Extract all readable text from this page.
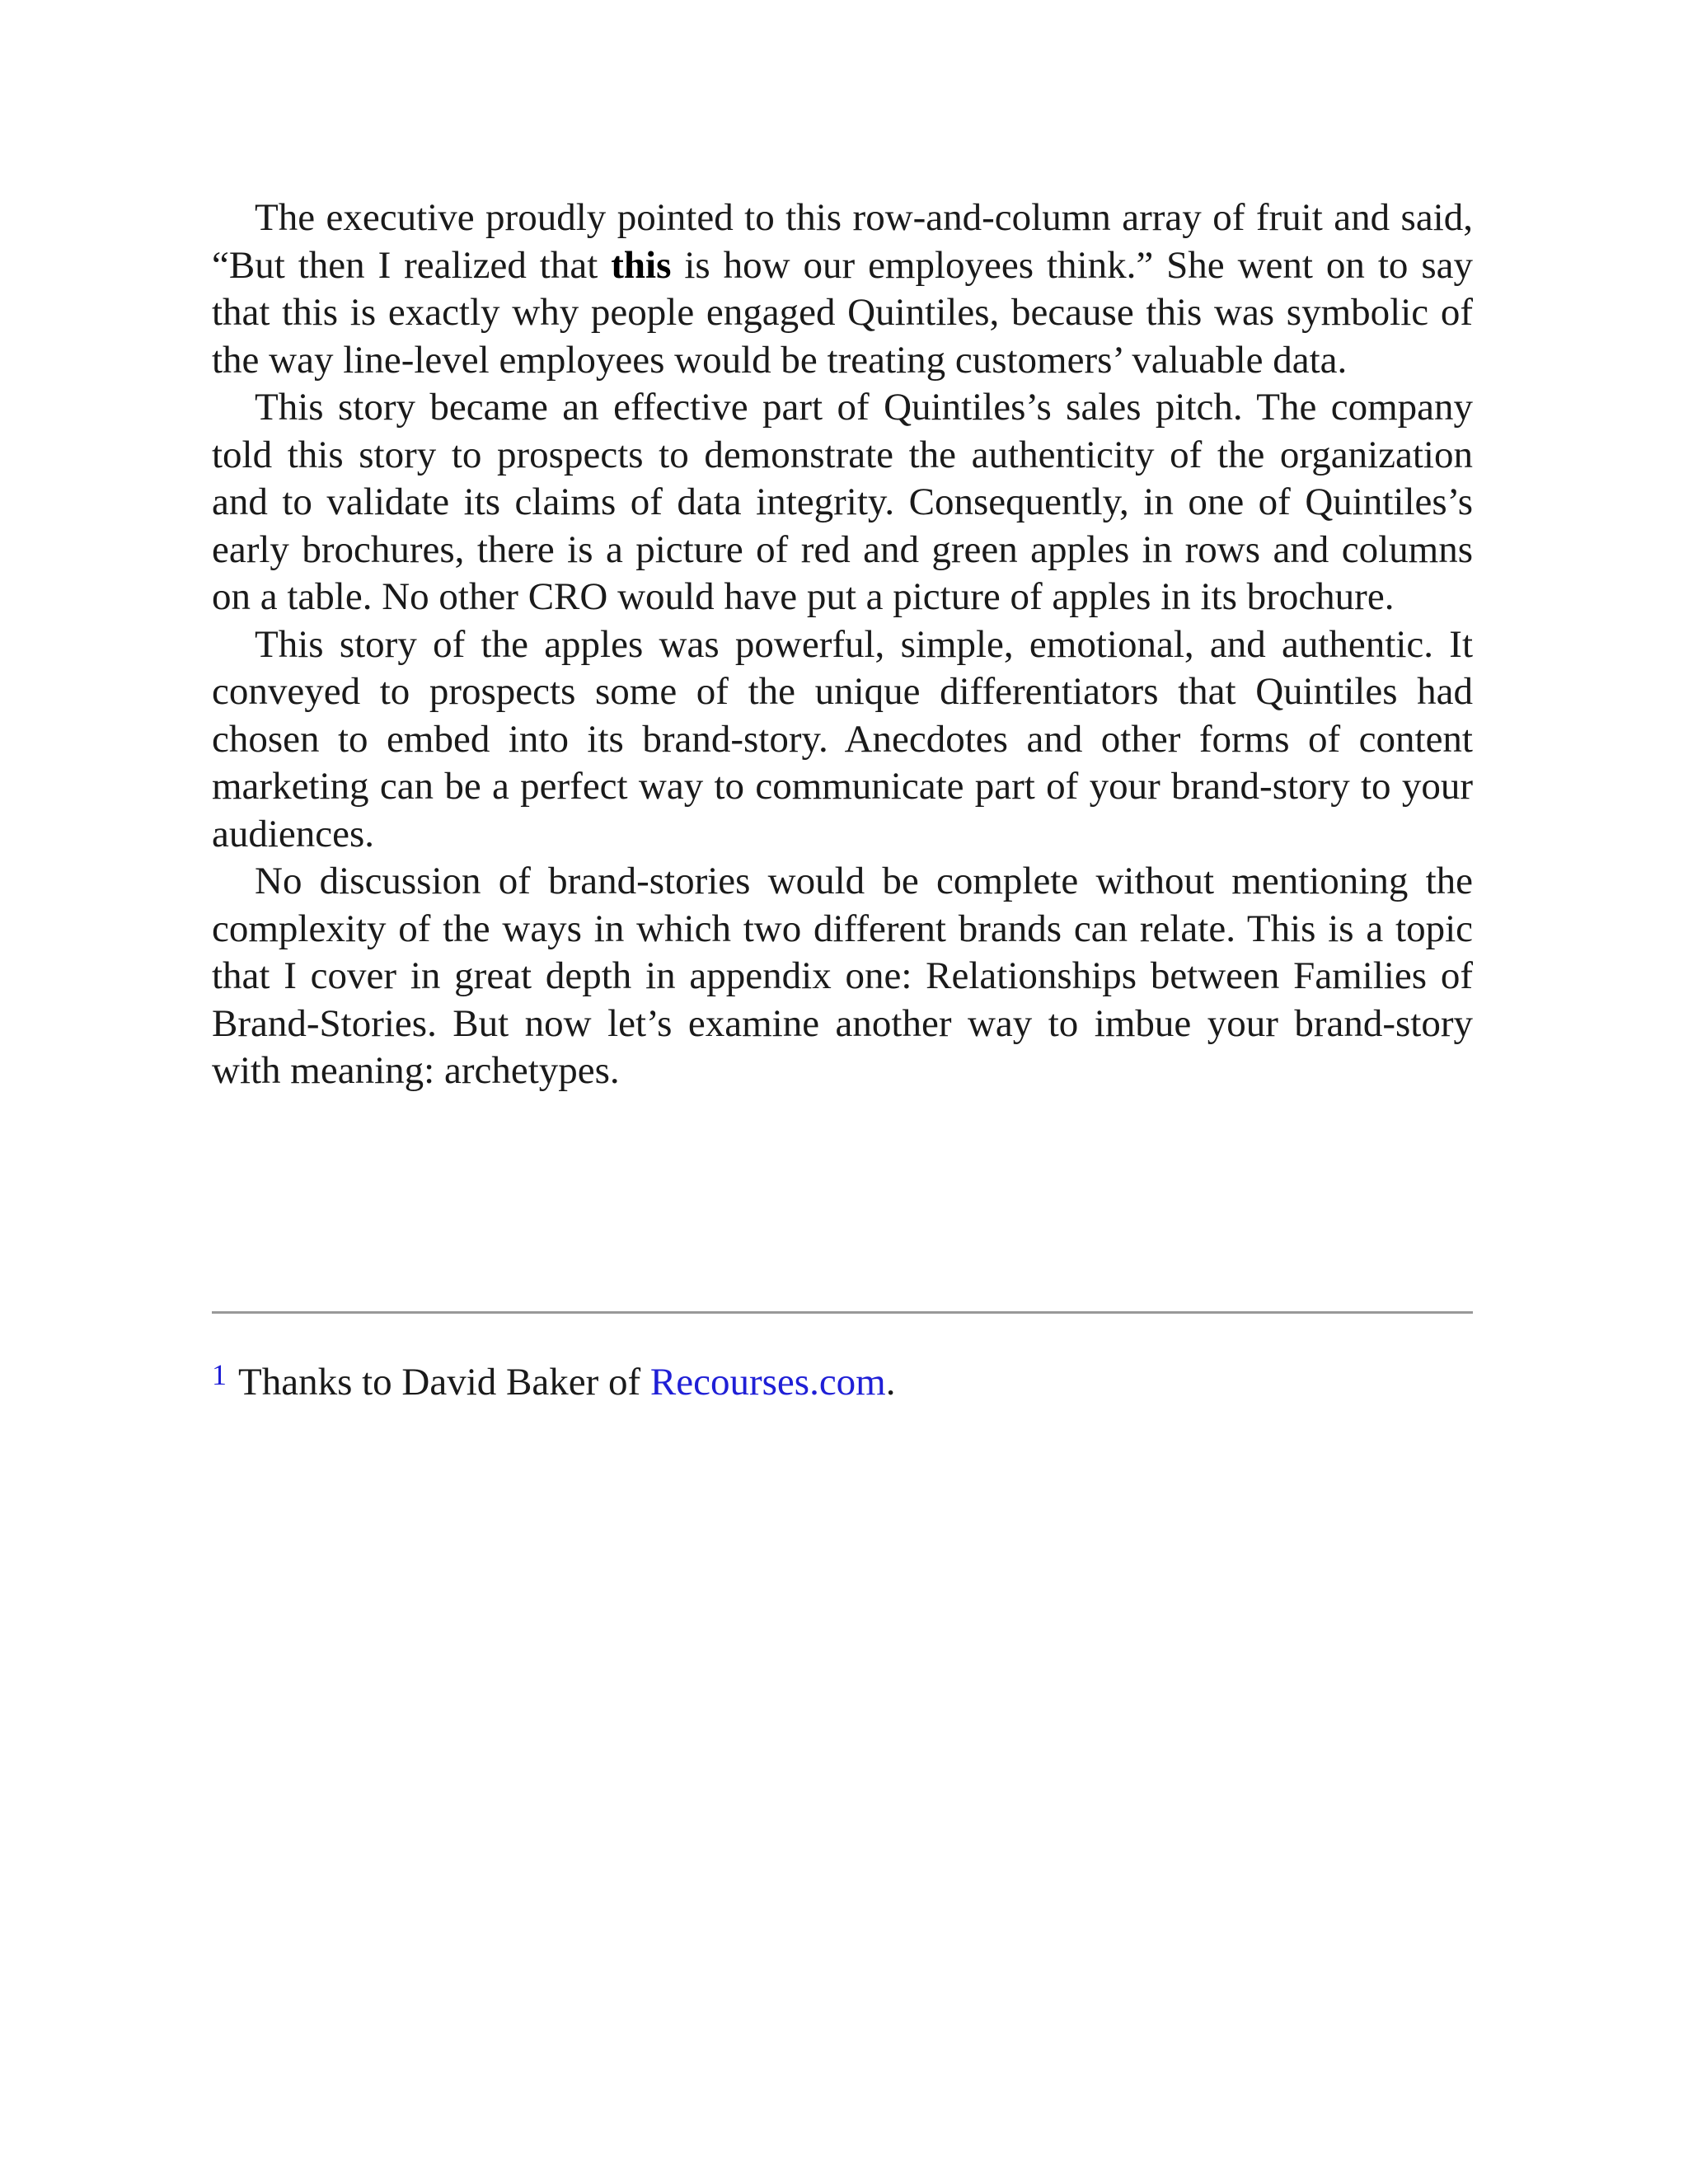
The executive proudly pointed to this row-and-column array of fruit and said, “But then I realized that this is how our employees think.” She went on to say that this is exactly why people engaged Quintiles, because this was symbolic of the way line-level employees would be treating customers’ valuable data.

This story became an effective part of Quintiles’s sales pitch. The company told this story to prospects to demonstrate the authenticity of the organization and to validate its claims of data integrity. Consequently, in one of Quintiles’s early brochures, there is a picture of red and green apples in rows and columns on a table. No other CRO would have put a picture of apples in its brochure.

This story of the apples was powerful, simple, emotional, and authentic. It conveyed to prospects some of the unique differentiators that Quintiles had chosen to embed into its brand-story. Anecdotes and other forms of content marketing can be a perfect way to communicate part of your brand-story to your audiences.

No discussion of brand-stories would be complete without mentioning the complexity of the ways in which two different brands can relate. This is a topic that I cover in great depth in appendix one: Relationships between Families of Brand-Stories. But now let’s examine another way to imbue your brand-story with meaning: archetypes.

$^1$ Thanks to David Baker of Recourses.com.
